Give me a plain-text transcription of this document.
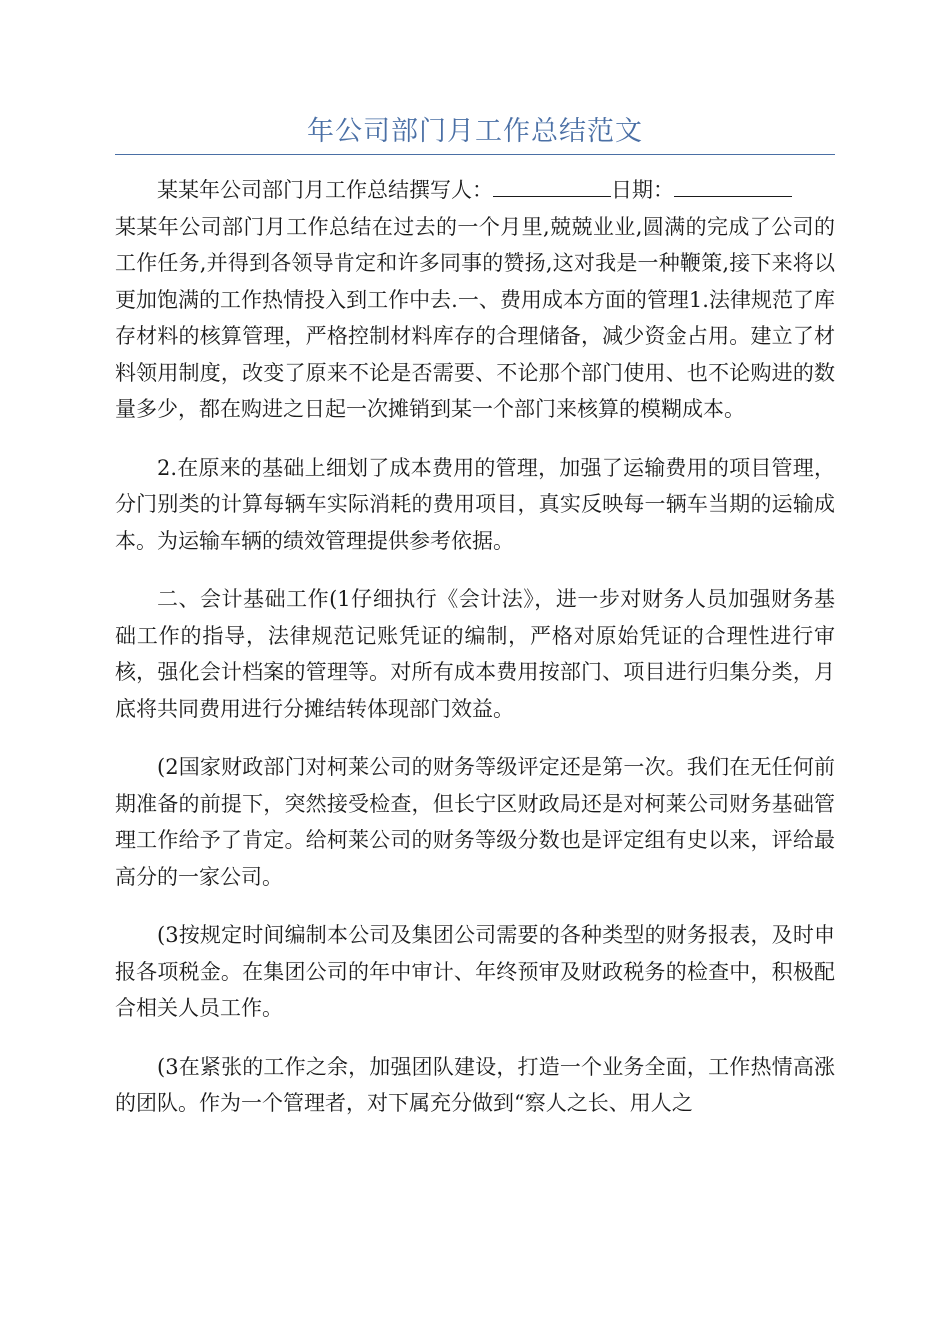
年公司部门月工作总结范文

某某年公司部门月工作总结撰写人：	日期：

某某年公司部门月工作总结在过去的一个月里,兢兢业业,圆满的完成了公司的工作任务,并得到各领导肯定和许多同事的赞扬,这对我是一种鞭策,接下来将以更加饱满的工作热情投入到工作中去.一、费用成本方面的管理1.法律规范了库存材料的核算管理，严格控制材料库存的合理储备，减少资金占用。建立了材料领用制度，改变了原来不论是否需要、不论那个部门使用、也不论购进的数量多少，都在购进之日起一次摊销到某一个部门来核算的模糊成本。

2.在原来的基础上细划了成本费用的管理，加强了运输费用的项目管理，分门别类的计算每辆车实际消耗的费用项目，真实反映每一辆车当期的运输成本。为运输车辆的绩效管理提供参考依据。

二、会计基础工作(1仔细执行《会计法》，进一步对财务人员加强财务基础工作的指导，法律规范记账凭证的编制，严格对原始凭证的合理性进行审核，强化会计档案的管理等。对所有成本费用按部门、项目进行归集分类，月底将共同费用进行分摊结转体现部门效益。

(2国家财政部门对柯莱公司的财务等级评定还是第一次。我们在无任何前期准备的前提下，突然接受检查，但长宁区财政局还是对柯莱公司财务基础管理工作给予了肯定。给柯莱公司的财务等级分数也是评定组有史以来，评给最高分的一家公司。

(3按规定时间编制本公司及集团公司需要的各种类型的财务报表，及时申报各项税金。在集团公司的年中审计、年终预审及财政税务的检查中，积极配合相关人员工作。

(3在紧张的工作之余，加强团队建设，打造一个业务全面，工作热情高涨的团队。作为一个管理者，对下属充分做到“察人之长、用人之
